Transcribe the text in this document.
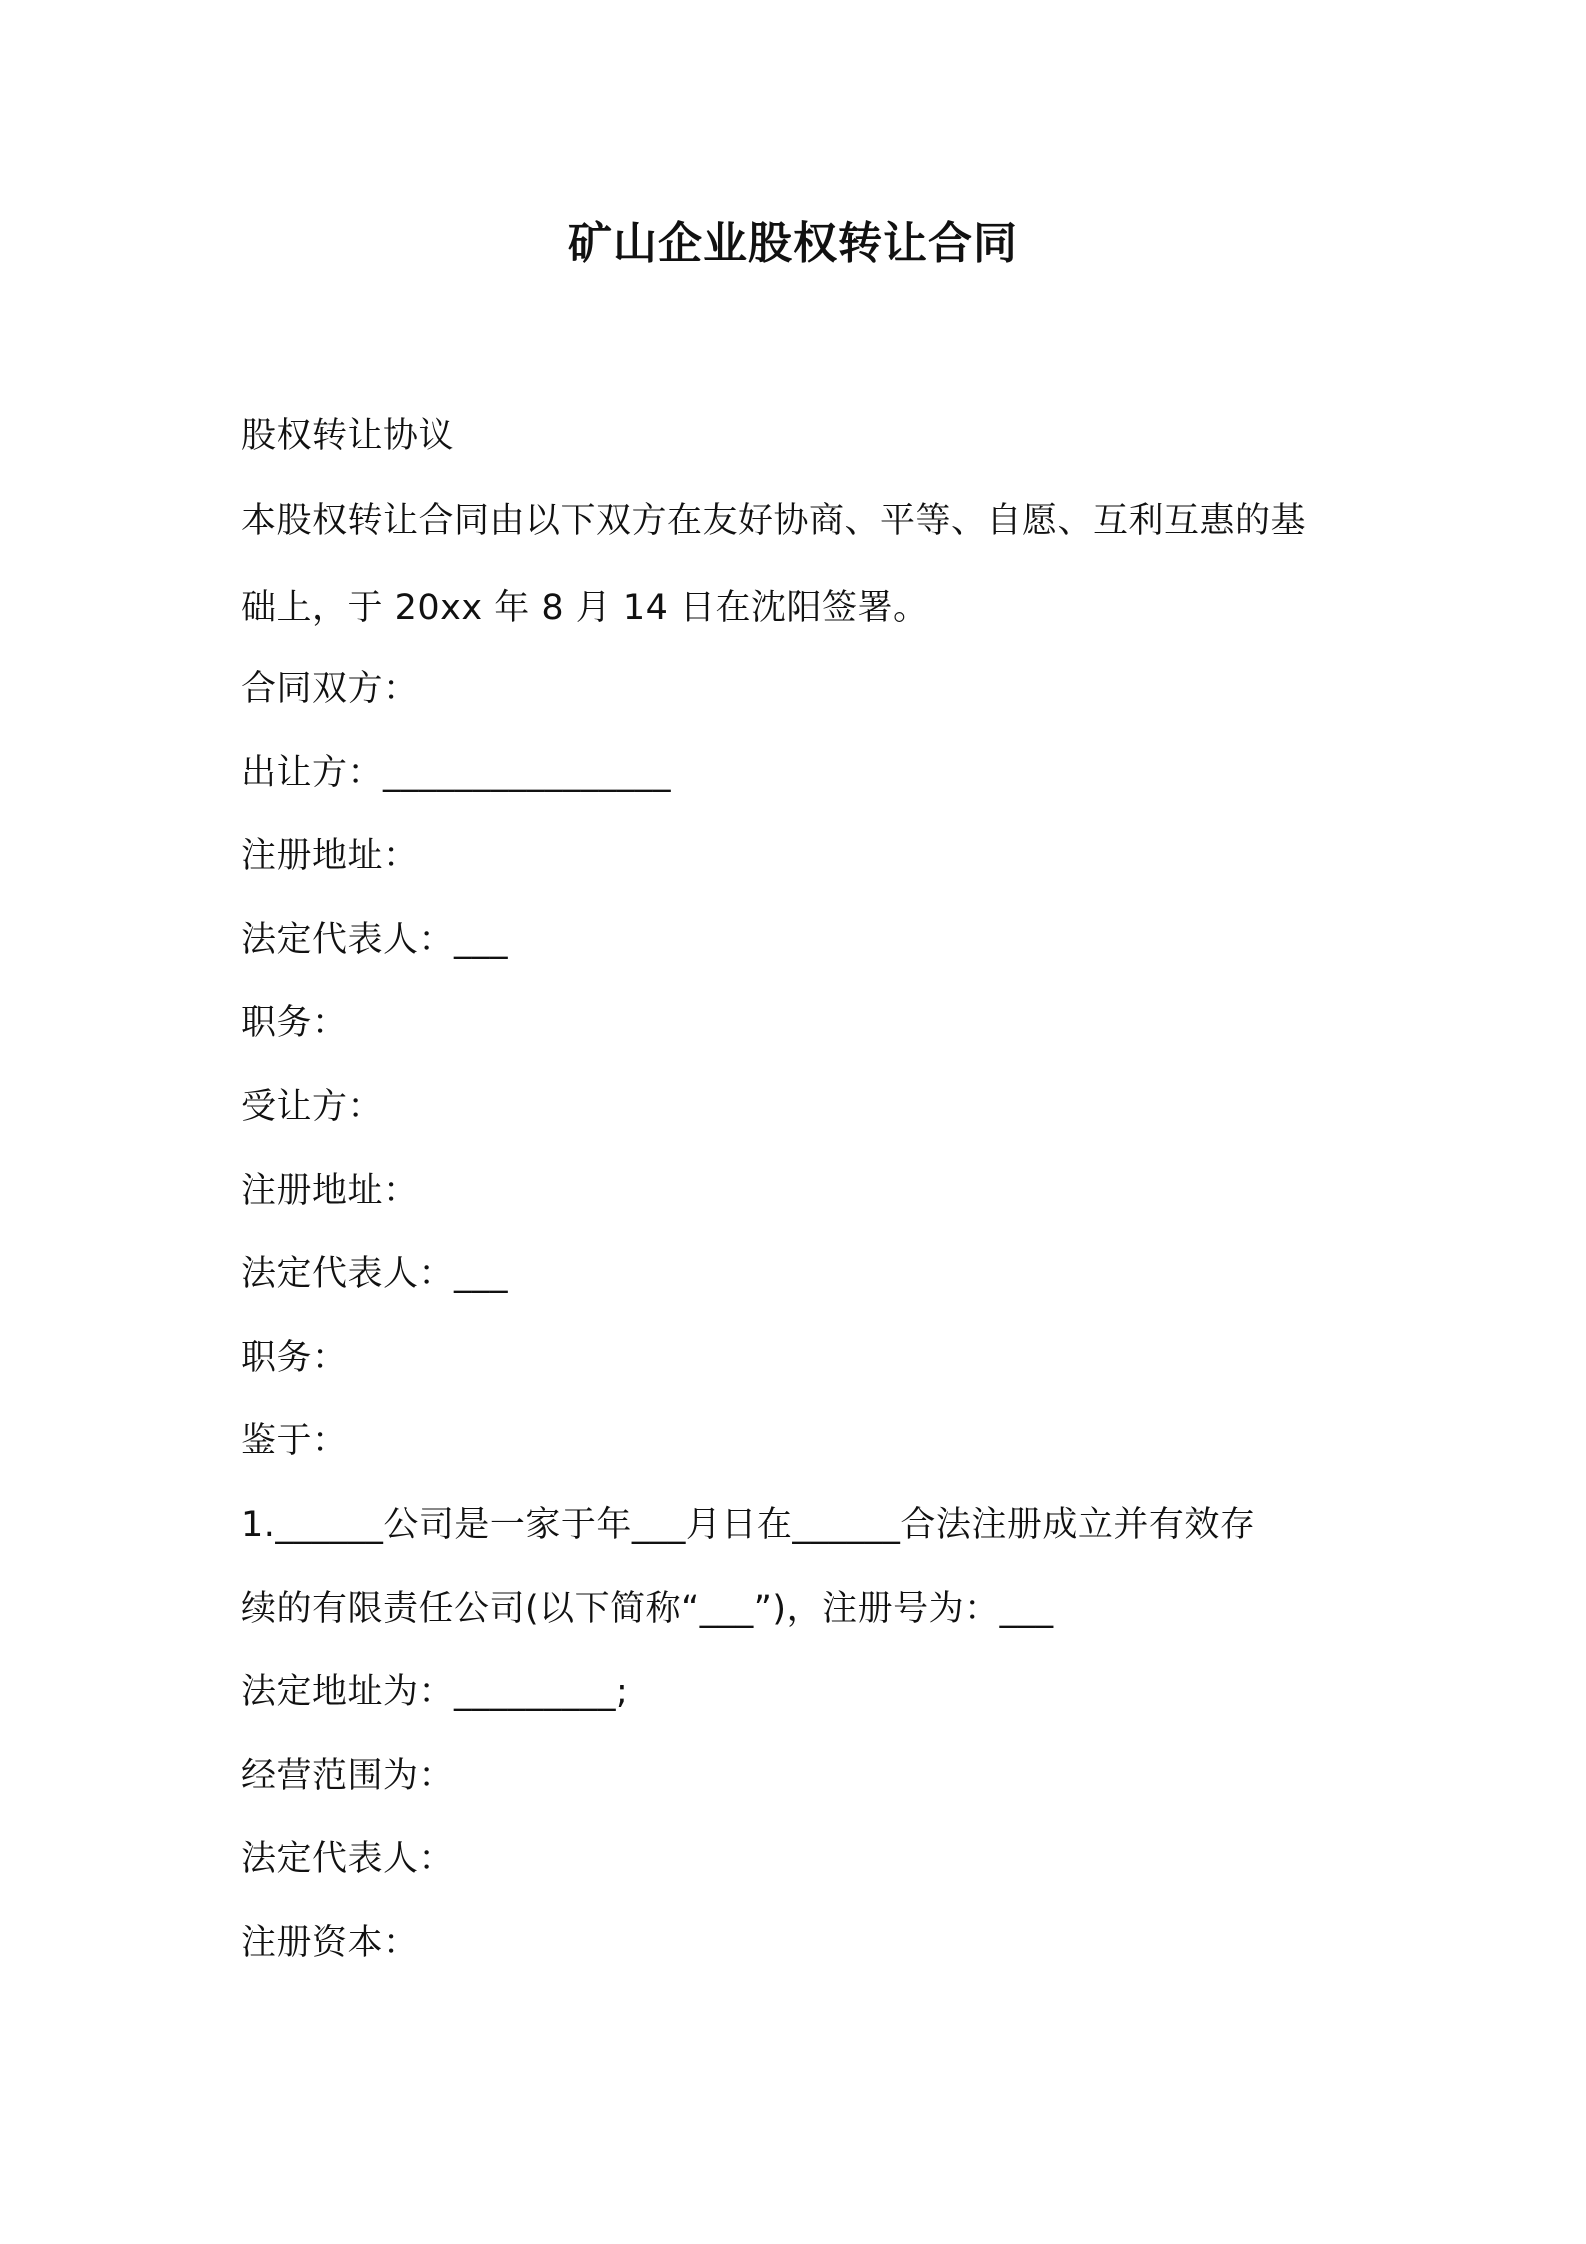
矿山企业股权转让合同
股权转让协议
本股权转让合同由以下双方在友好协商、平等、自愿、互利互惠的基
础上，于 20xx 年 8 月 14 日在沈阳签署。
合同双方：
出让方：________________
注册地址：
法定代表人：___
职务：
受让方：
注册地址：
法定代表人：___
职务：
鉴于：
1.______公司是一家于年___月日在______合法注册成立并有效存
续的有限责任公司(以下简称“___”)，注册号为：___
法定地址为：_________;
经营范围为：
法定代表人：
注册资本：
